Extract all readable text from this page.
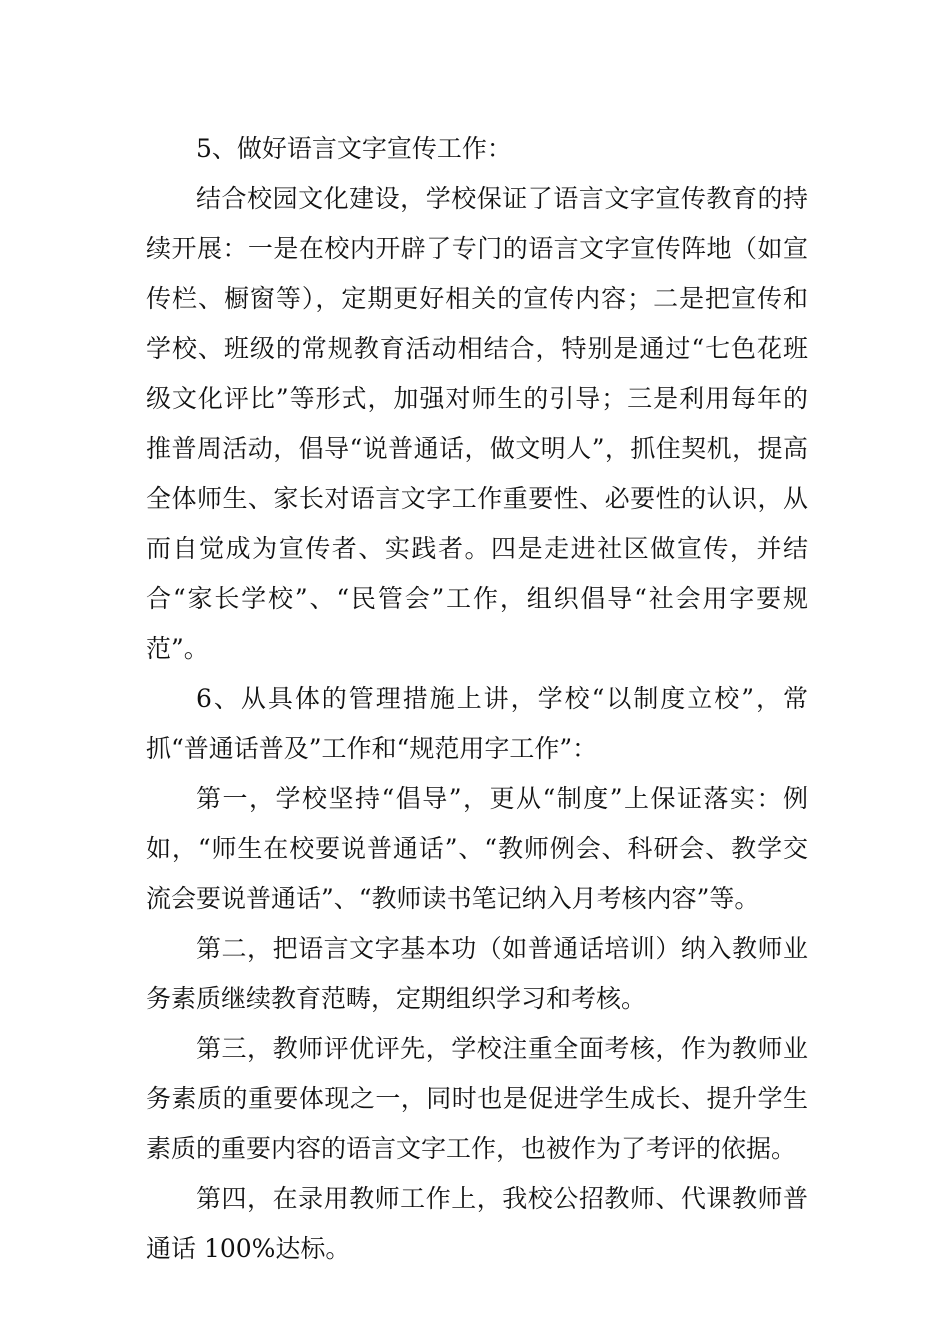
5、做好语言文字宣传工作：

结合校园文化建设，学校保证了语言文字宣传教育的持续开展：一是在校内开辟了专门的语言文字宣传阵地（如宣传栏、橱窗等），定期更好相关的宣传内容；二是把宣传和学校、班级的常规教育活动相结合，特别是通过“七色花班级文化评比”等形式，加强对师生的引导；三是利用每年的推普周活动，倡导“说普通话，做文明人”，抓住契机，提高全体师生、家长对语言文字工作重要性、必要性的认识，从而自觉成为宣传者、实践者。四是走进社区做宣传，并结合“家长学校”、“民管会”工作，组织倡导“社会用字要规范”。

6、从具体的管理措施上讲，学校“以制度立校”，常抓“普通话普及”工作和“规范用字工作”：

第一，学校坚持“倡导”，更从“制度”上保证落实：例如，“师生在校要说普通话”、“教师例会、科研会、教学交流会要说普通话”、“教师读书笔记纳入月考核内容”等。

第二，把语言文字基本功（如普通话培训）纳入教师业务素质继续教育范畴，定期组织学习和考核。

第三，教师评优评先，学校注重全面考核，作为教师业务素质的重要体现之一，同时也是促进学生成长、提升学生素质的重要内容的语言文字工作，也被作为了考评的依据。

第四，在录用教师工作上，我校公招教师、代课教师普通话 100%达标。
